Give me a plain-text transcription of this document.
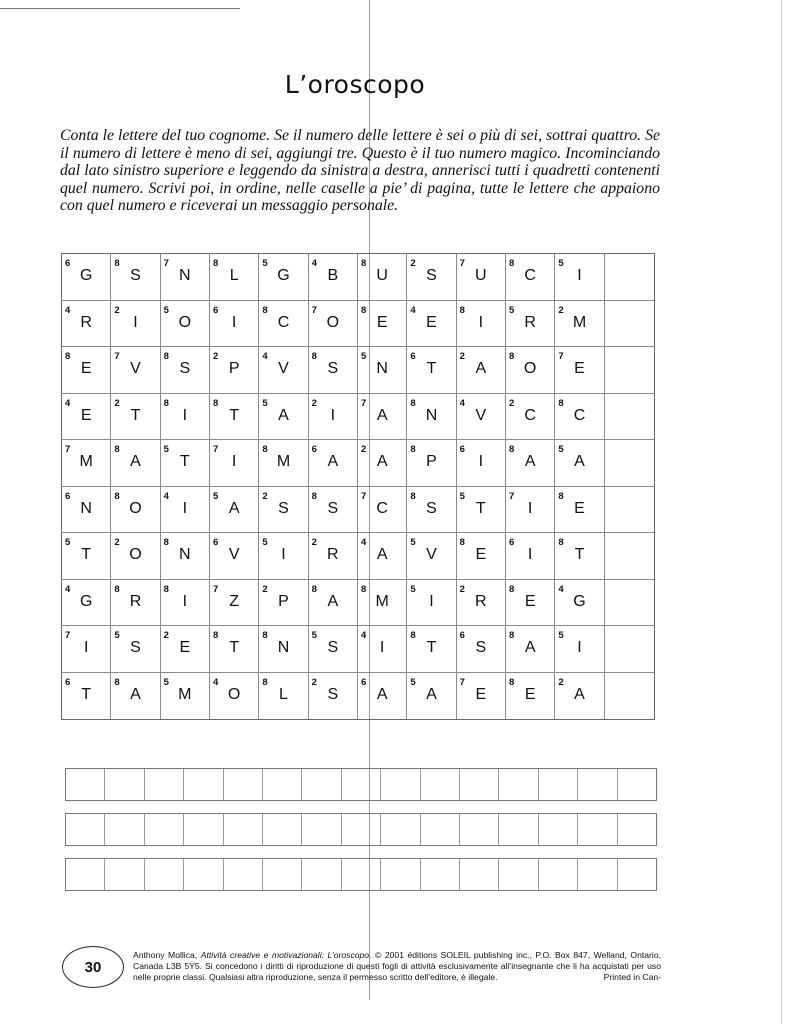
L’oroscopo

Conta le lettere del tuo cognome. Se il numero delle lettere è sei o più di sei, sottrai quattro. Se il numero di lettere è meno di sei, aggiungi tre. Questo è il tuo numero magico. Incominciando dal lato sinistro superiore e leggendo da sinistra a destra, annerisci tutti i quadretti contenenti quel numero. Scrivi poi, in ordine, nelle caselle a pie’ di pagina, tutte le lettere che appaiono con quel numero e riceverai un messaggio personale.

6
G
8
S
7
N
8
L
5
G
4
B
8
U
2
S
7
U
8
C
5
I
4
R
2
I
5
O
6
I
8
C
7
O
8
E
4
E
8
I
5
R
2
M
8
E
7
V
8
S
2
P
4
V
8
S
5
N
6
T
2
A
8
O
7
E
4
E
2
T
8
I
8
T
5
A
2
I
7
A
8
N
4
V
2
C
8
C
7
M
8
A
5
T
7
I
8
M
6
A
2
A
8
P
6
I
8
A
5
A
6
N
8
O
4
I
5
A
2
S
8
S
7
C
8
S
5
T
7
I
8
E
5
T
2
O
8
N
6
V
5
I
2
R
4
A
5
V
8
E
6
I
8
T
4
G
8
R
8
I
7
Z
2
P
8
A
8
M
5
I
2
R
8
E
4
G
7
I
5
S
2
E
8
T
8
N
5
S
4
I
8
T
6
S
8
A
5
I
6
T
8
A
5
M
4
O
8
L
2
S
6
A
5
A
7
E
8
E
2
A
30

Anthony Mollica, Attività creative e motivazionali: L’oroscopo. © 2001 éditions SOLEIL publishing inc., P.O. Box 847, Welland, Ontario, Canada L3B 5Y5. Si concedono i diritti di riproduzione di questi fogli di attività esclusivamente all’insegnante che li ha acquistati per uso nelle proprie classi. Qualsiasi altra riproduzione, senza il permesso scritto dell’editore, è illegale.	Printed in Can-
